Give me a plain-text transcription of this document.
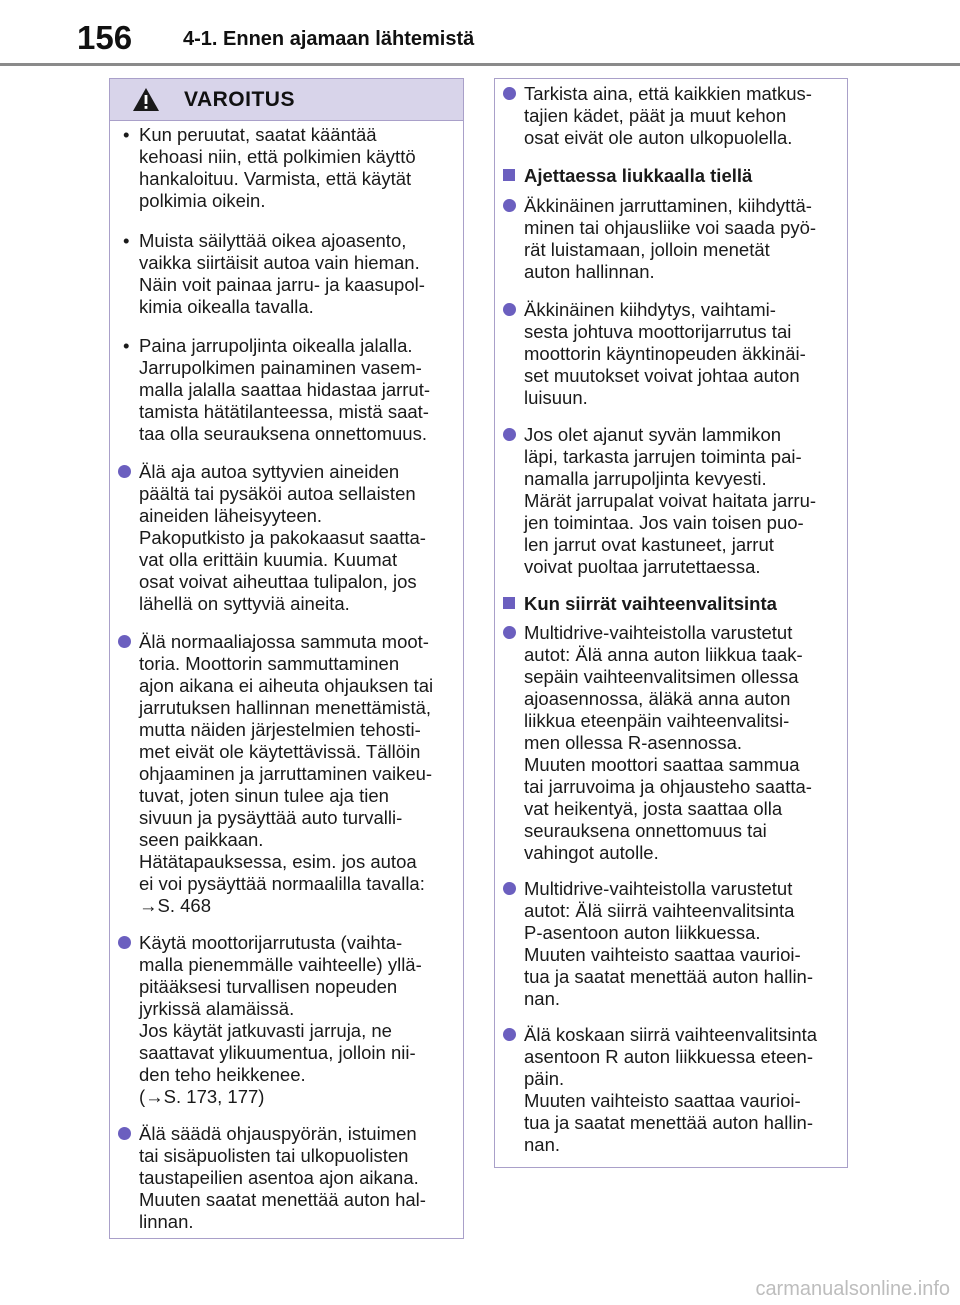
156	4-1. Ennen ajamaan lähtemistä
VAROITUS
• Kun peruutat, saatat kääntää
kehoasi niin, että polkimien käyttö
hankaloituu. Varmista, että käytät
polkimia oikein.
• Muista säilyttää oikea ajoasento,
vaikka siirtäisit autoa vain hieman.
Näin voit painaa jarru- ja kaasupol-
kimia oikealla tavalla.
• Paina jarrupoljinta oikealla jalalla.
Jarrupolkimen painaminen vasem-
malla jalalla saattaa hidastaa jarrut-
tamista hätätilanteessa, mistä saat-
taa olla seurauksena onnettomuus.
Älä aja autoa syttyvien aineiden
päältä tai pysäköi autoa sellaisten
aineiden läheisyyteen.
Pakoputkisto ja pakokaasut saatta-
vat olla erittäin kuumia. Kuumat
osat voivat aiheuttaa tulipalon, jos
lähellä on syttyviä aineita.
Älä normaaliajossa sammuta moot-
toria. Moottorin sammuttaminen
ajon aikana ei aiheuta ohjauksen tai
jarrutuksen hallinnan menettämistä,
mutta näiden järjestelmien tehosti-
met eivät ole käytettävissä. Tällöin
ohjaaminen ja jarruttaminen vaikeu-
tuvat, joten sinun tulee aja tien
sivuun ja pysäyttää auto turvalli-
seen paikkaan.
Hätätapauksessa, esim. jos autoa
ei voi pysäyttää normaalilla tavalla:
→S. 468
Käytä moottorijarrutusta (vaihta-
malla pienemmälle vaihteelle) yllä-
pitääksesi turvallisen nopeuden
jyrkissä alamäissä.
Jos käytät jatkuvasti jarruja, ne
saattavat ylikuumentua, jolloin nii-
den teho heikkenee.
(→S. 173, 177)
Älä säädä ohjauspyörän, istuimen
tai sisäpuolisten tai ulkopuolisten
taustapeilien asentoa ajon aikana.
Muuten saatat menettää auton hal-
linnan.
Tarkista aina, että kaikkien matkus-
tajien kädet, päät ja muut kehon
osat eivät ole auton ulkopuolella.
Ajettaessa liukkaalla tiellä
Äkkinäinen jarruttaminen, kiihdyttä-
minen tai ohjausliike voi saada pyö-
rät luistamaan, jolloin menetät
auton hallinnan.
Äkkinäinen kiihdytys, vaihtami-
sesta johtuva moottorijarrutus tai
moottorin käyntinopeuden äkkinäi-
set muutokset voivat johtaa auton
luisuun.
Jos olet ajanut syvän lammikon
läpi, tarkasta jarrujen toiminta pai-
namalla jarrupoljinta kevyesti.
Märät jarrupalat voivat haitata jarru-
jen toimintaa. Jos vain toisen puo-
len jarrut ovat kastuneet, jarrut
voivat puoltaa jarrutettaessa.
Kun siirrät vaihteenvalitsinta
Multidrive-vaihteistolla varustetut
autot: Älä anna auton liikkua taak-
sepäin vaihteenvalitsimen ollessa
ajoasennossa, äläkä anna auton
liikkua eteenpäin vaihteenvalitsi-
men ollessa R-asennossa.
Muuten moottori saattaa sammua
tai jarruvoima ja ohjausteho saatta-
vat heikentyä, josta saattaa olla
seurauksena onnettomuus tai
vahingot autolle.
Multidrive-vaihteistolla varustetut
autot: Älä siirrä vaihteenvalitsinta
P-asentoon auton liikkuessa.
Muuten vaihteisto saattaa vaurioi-
tua ja saatat menettää auton hallin-
nan.
Älä koskaan siirrä vaihteenvalitsinta
asentoon R auton liikkuessa eteen-
päin.
Muuten vaihteisto saattaa vaurioi-
tua ja saatat menettää auton hallin-
nan.
carmanualsonline.info
